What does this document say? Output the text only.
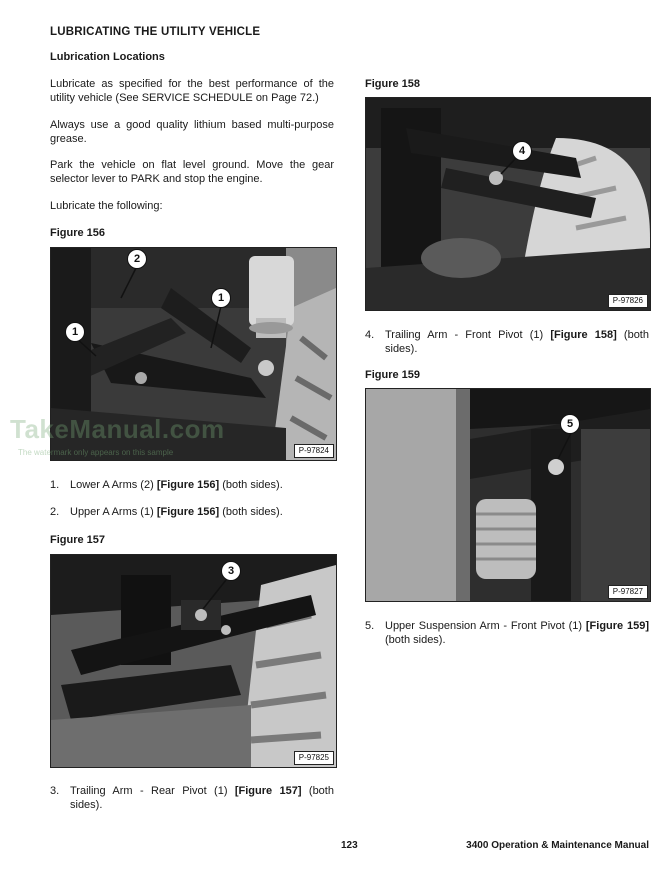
LUBRICATING THE UTILITY VEHICLE
Lubrication Locations
Lubricate as specified for the best performance of the utility vehicle (See SERVICE SCHEDULE on Page 72.)
Always use a good quality lithium based multi-purpose grease.
Park the vehicle on flat level ground. Move the gear selector lever to PARK and stop the engine.
Lubricate the following:
Figure 156
2
1
1
P-97824
TakeManual.com
The watermark only appears on this sample
1. Lower A Arms (2) [Figure 156] (both sides).
2. Upper A Arms (1) [Figure 156] (both sides).
Figure 157
3
P-97825
3. Trailing Arm - Rear Pivot (1) [Figure 157] (both sides).
Figure 158
4
P-97826
4. Trailing Arm - Front Pivot (1) [Figure 158] (both sides).
Figure 159
5
P-97827
5. Upper Suspension Arm - Front Pivot (1) [Figure 159] (both sides).
123	3400 Operation & Maintenance Manual
